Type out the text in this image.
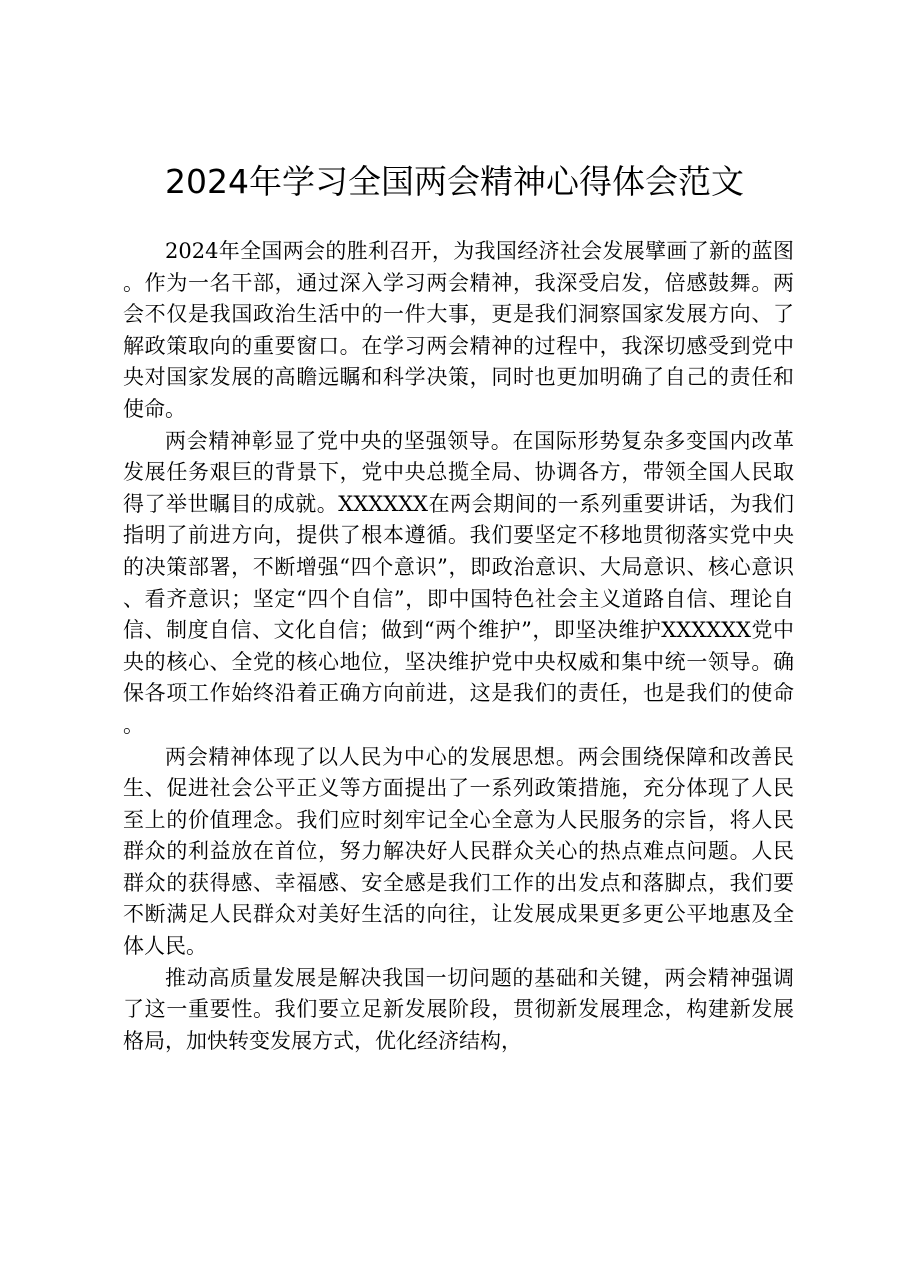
2024年学习全国两会精神心得体会范文

2024年全国两会的胜利召开，为我国经济社会发展擘画了新的蓝图。作为一名干部，通过深入学习两会精神，我深受启发，倍感鼓舞。两会不仅是我国政治生活中的一件大事，更是我们洞察国家发展方向、了解政策取向的重要窗口。在学习两会精神的过程中，我深切感受到党中央对国家发展的高瞻远瞩和科学决策，同时也更加明确了自己的责任和使命。

两会精神彰显了党中央的坚强领导。在国际形势复杂多变国内改革发展任务艰巨的背景下，党中央总揽全局、协调各方，带领全国人民取得了举世瞩目的成就。XXXXXX在两会期间的一系列重要讲话，为我们指明了前进方向，提供了根本遵循。我们要坚定不移地贯彻落实党中央的决策部署，不断增强“四个意识”，即政治意识、大局意识、核心意识、看齐意识；坚定“四个自信”，即中国特色社会主义道路自信、理论自信、制度自信、文化自信；做到“两个维护”，即坚决维护XXXXXX党中央的核心、全党的核心地位，坚决维护党中央权威和集中统一领导。确保各项工作始终沿着正确方向前进，这是我们的责任，也是我们的使命。

两会精神体现了以人民为中心的发展思想。两会围绕保障和改善民生、促进社会公平正义等方面提出了一系列政策措施，充分体现了人民至上的价值理念。我们应时刻牢记全心全意为人民服务的宗旨，将人民群众的利益放在首位，努力解决好人民群众关心的热点难点问题。人民群众的获得感、幸福感、安全感是我们工作的出发点和落脚点，我们要不断满足人民群众对美好生活的向往，让发展成果更多更公平地惠及全体人民。

推动高质量发展是解决我国一切问题的基础和关键，两会精神强调了这一重要性。我们要立足新发展阶段，贯彻新发展理念，构建新发展格局，加快转变发展方式，优化经济结构，
